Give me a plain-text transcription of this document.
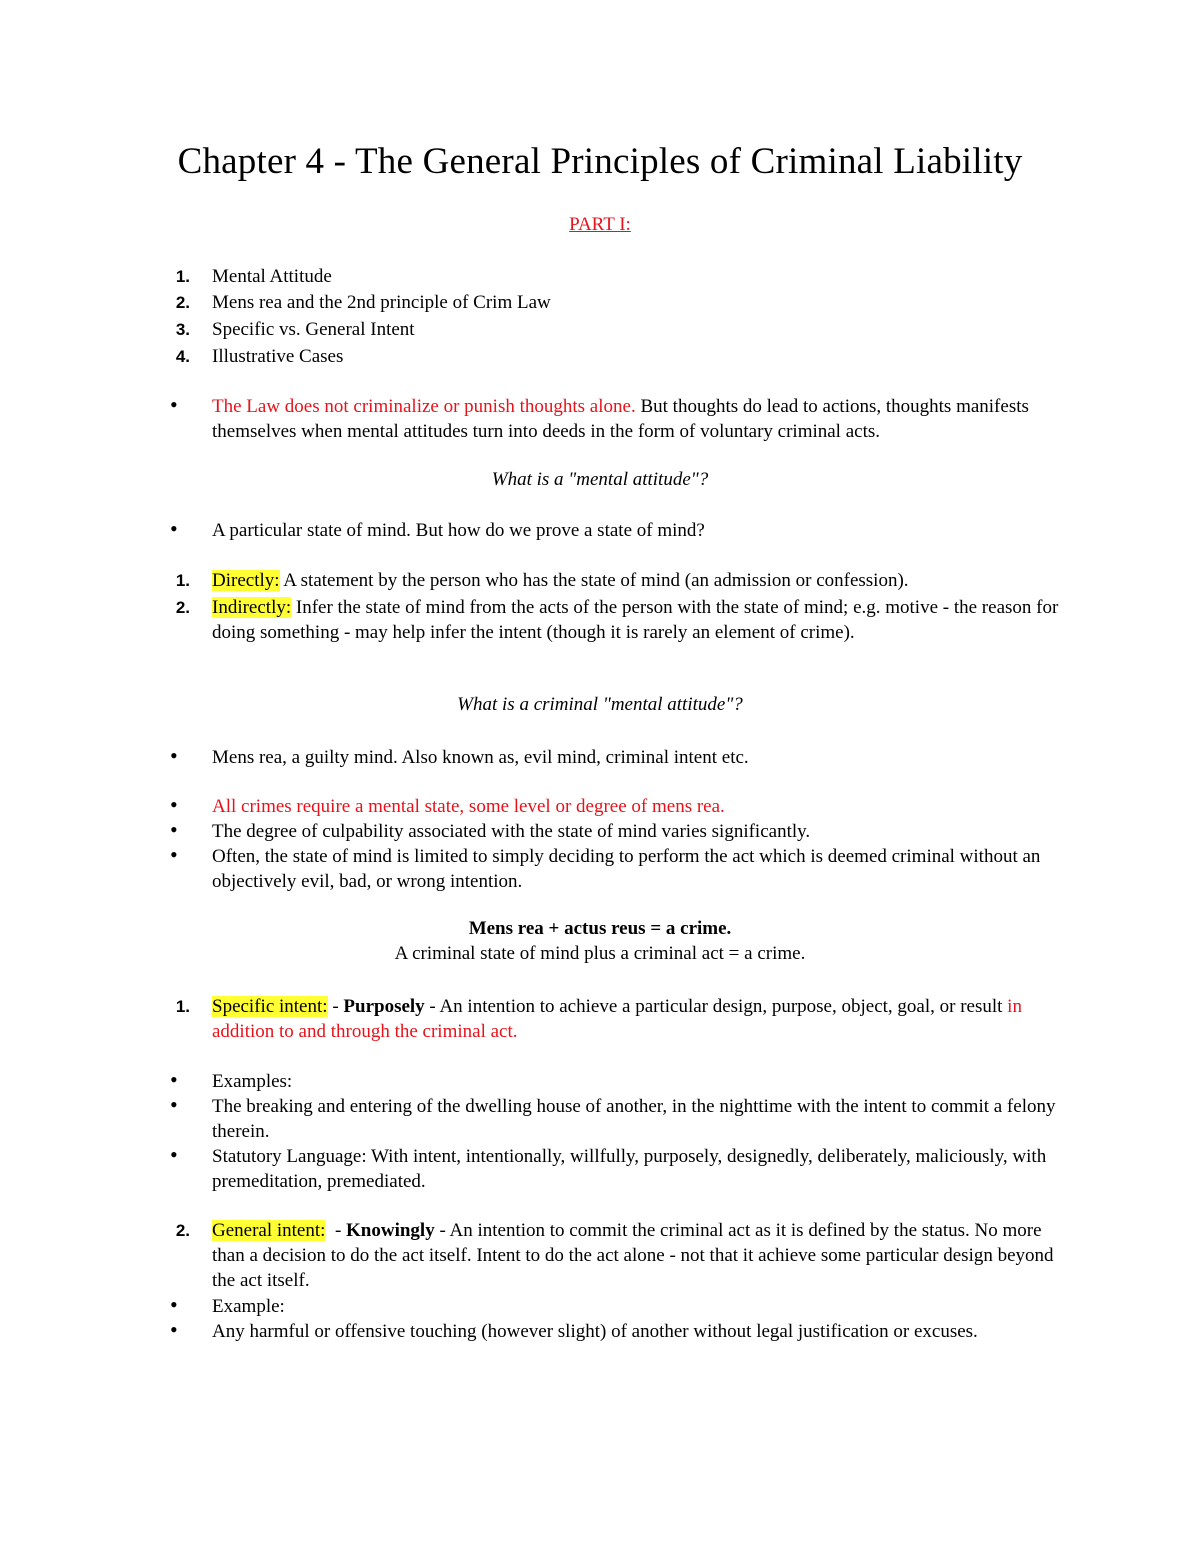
Chapter 4 - The General Principles of Criminal Liability
PART I:
1. Mental Attitude
2. Mens rea and the 2nd principle of Crim Law
3. Specific vs. General Intent
4. Illustrative Cases
• The Law does not criminalize or punish thoughts alone. But thoughts do lead to actions, thoughts manifests themselves when mental attitudes turn into deeds in the form of voluntary criminal acts.
What is a "mental attitude"?
• A particular state of mind. But how do we prove a state of mind?
1. Directly: A statement by the person who has the state of mind (an admission or confession).
2. Indirectly: Infer the state of mind from the acts of the person with the state of mind; e.g. motive - the reason for doing something - may help infer the intent (though it is rarely an element of crime).
What is a criminal "mental attitude"?
• Mens rea, a guilty mind. Also known as, evil mind, criminal intent etc.
• All crimes require a mental state, some level or degree of mens rea.
• The degree of culpability associated with the state of mind varies significantly.
• Often, the state of mind is limited to simply deciding to perform the act which is deemed criminal without an objectively evil, bad, or wrong intention.
Mens rea + actus reus = a crime.
A criminal state of mind plus a criminal act = a crime.
1. Specific intent: - Purposely - An intention to achieve a particular design, purpose, object, goal, or result in addition to and through the criminal act.
• Examples:
• The breaking and entering of the dwelling house of another, in the nighttime with the intent to commit a felony therein.
• Statutory Language: With intent, intentionally, willfully, purposely, designedly, deliberately, maliciously, with premeditation, premediated.
2. General intent:  - Knowingly - An intention to commit the criminal act as it is defined by the status. No more than a decision to do the act itself. Intent to do the act alone - not that it achieve some particular design beyond the act itself.
• Example:
• Any harmful or offensive touching (however slight) of another without legal justification or excuses.
